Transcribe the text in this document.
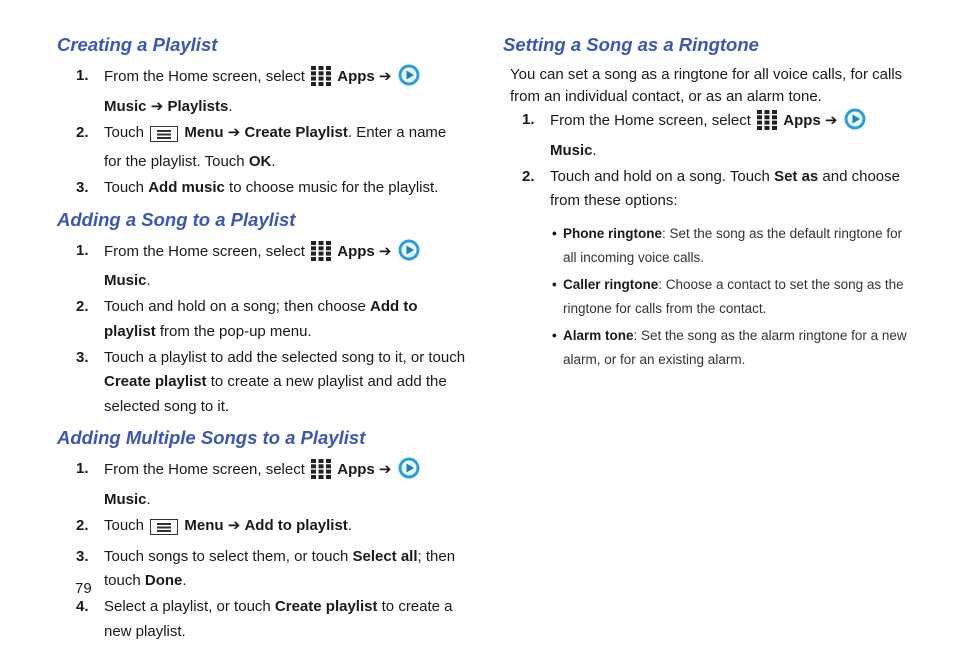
Creating a Playlist
1. From the Home screen, select Apps ➔  Music ➔ Playlists.
2. Touch	Menu ➔ Create Playlist. Enter a name for the playlist. Touch OK.
3. Touch Add music to choose music for the playlist.
Adding a Song to a Playlist
1. From the Home screen, select Apps ➔  Music.
2. Touch and hold on a song; then choose Add to playlist from the pop-up menu.
3. Touch a playlist to add the selected song to it, or touch Create playlist to create a new playlist and add the selected song to it.
Adding Multiple Songs to a Playlist
1. From the Home screen, select Apps ➔  Music.
2. Touch	Menu ➔ Add to playlist.
3. Touch songs to select them, or touch Select all; then touch Done.
4. Select a playlist, or touch Create playlist to create a new playlist.
Setting a Song as a Ringtone

You can set a song as a ringtone for all voice calls, for calls from an individual contact, or as an alarm tone.

1. From the Home screen, select Apps ➔  Music.
2. Touch and hold on a song. Touch Set as and choose from these options:
• Phone ringtone: Set the song as the default ringtone for all incoming voice calls.
• Caller ringtone: Choose a contact to set the song as the ringtone for calls from the contact.
• Alarm tone: Set the song as the alarm ringtone for a new alarm, or for an existing alarm.
79
